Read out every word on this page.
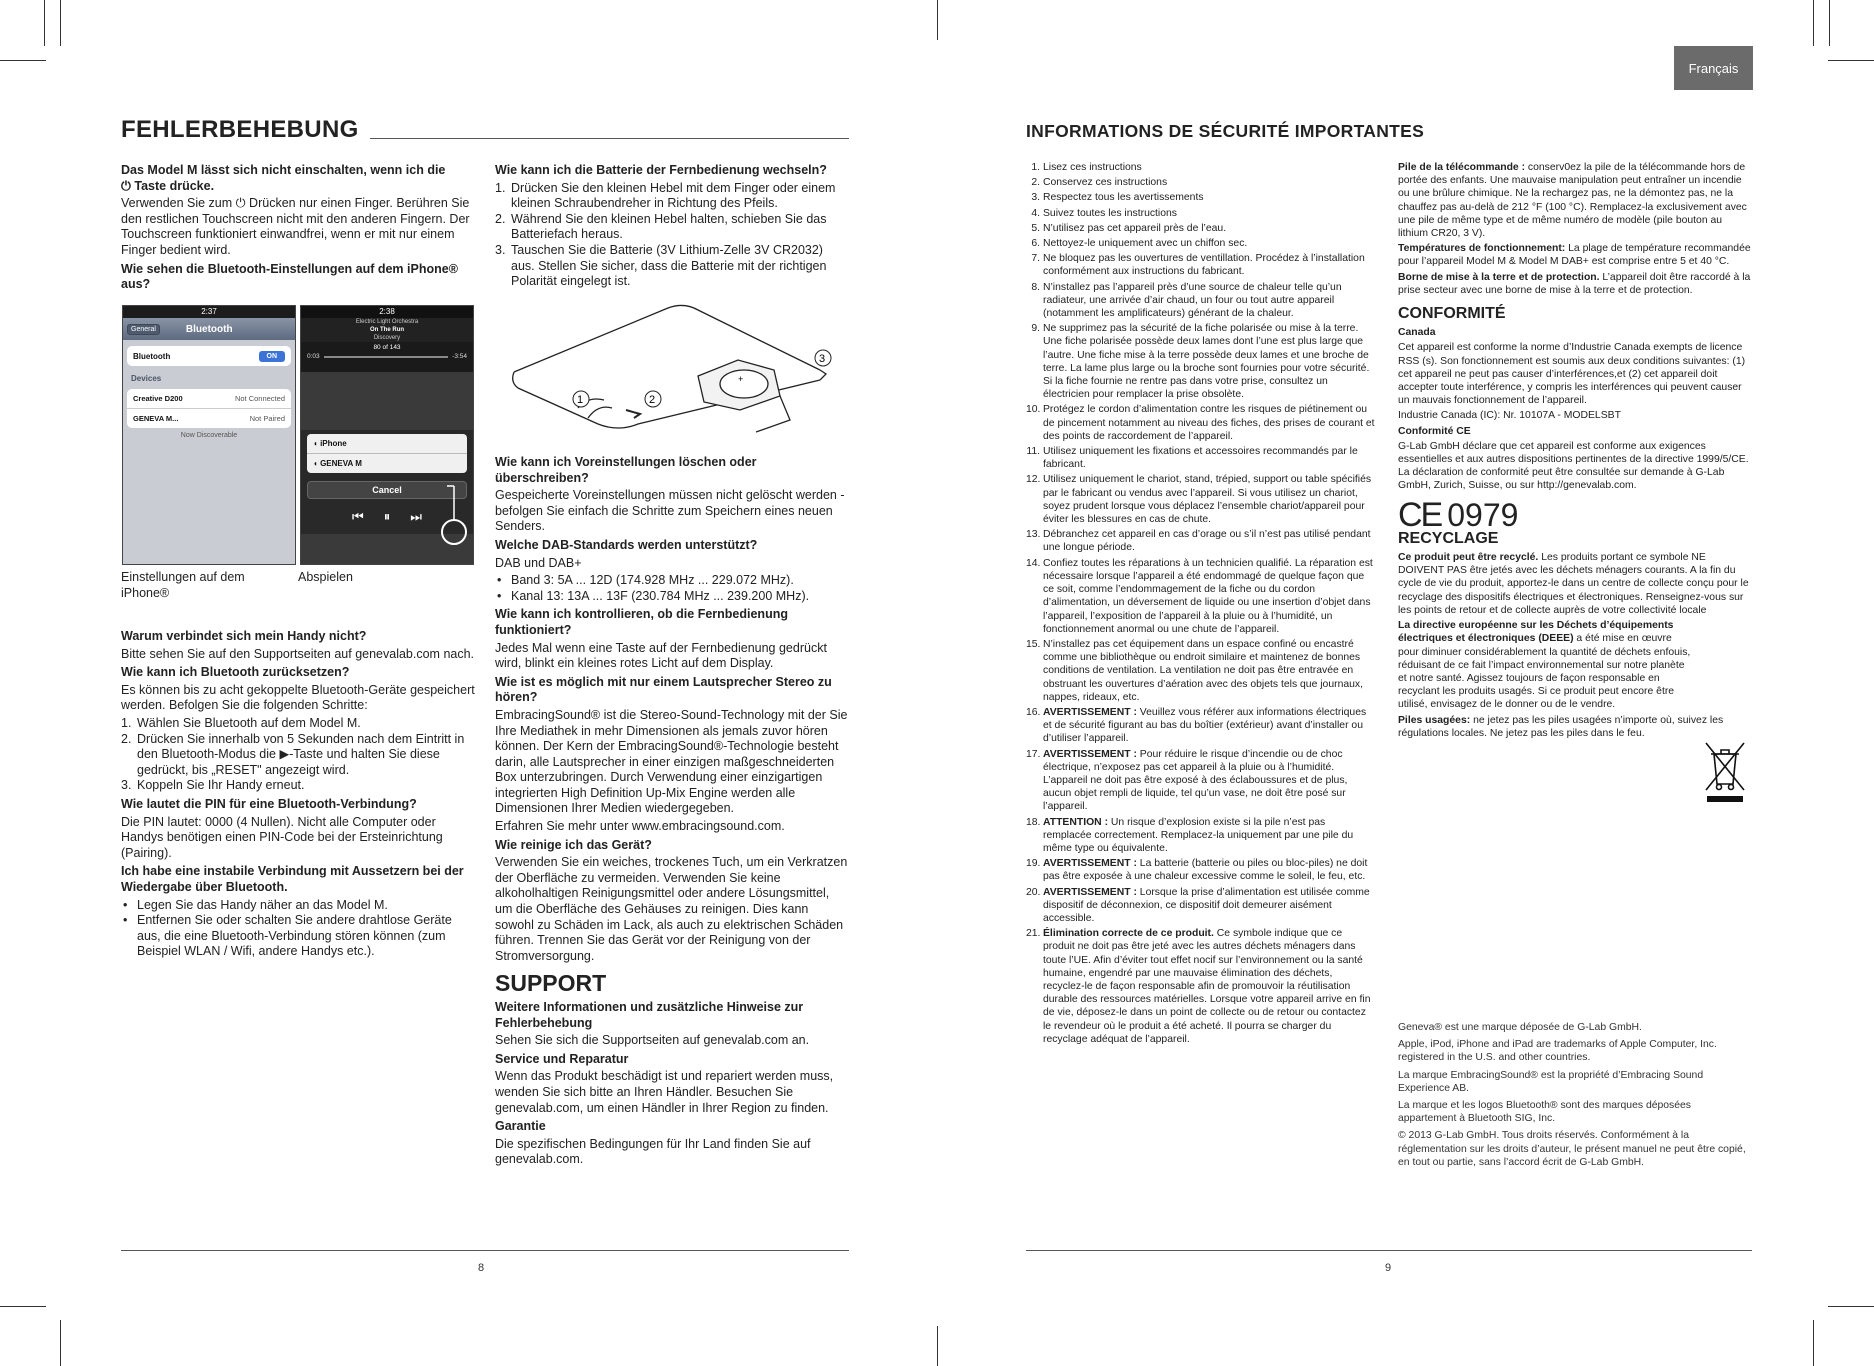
FEHLERBEHEBUNG

Das Model M lässt sich nicht einschalten, wenn ich die
⏻ Taste drücke.

Verwenden Sie zum ⏻ Drücken nur einen Finger. Berühren Sie den restlichen Touchscreen nicht mit den anderen Fingern. Der Touchscreen funktioniert einwandfrei, wenn er mit nur einem Finger bedient wird.

Wie sehen die Bluetooth-Einstellungen auf dem iPhone® aus?

2:37
General	Bluetooth
Bluetooth	ON
Devices
Creative D200	Not Connected
GENEVA M...	Not Paired
Now Discoverable
2:38
Electric Light Orchestra
On The Run
Discovery
80 of 143
0:03	-3:54
◖ iPhone
◖ GENEVA M
Cancel
⏮ ⏸ ⏭
Einstellungen auf dem iPhone®
Abspielen

Warum verbindet sich mein Handy nicht?

Bitte sehen Sie auf den Supportseiten auf genevalab.com nach.

Wie kann ich Bluetooth zurücksetzen?

Es können bis zu acht gekoppelte Bluetooth-Geräte gespeichert werden. Befolgen Sie die folgenden Schritte:

1. Wählen Sie Bluetooth auf dem Model M.
2. Drücken Sie innerhalb von 5 Sekunden nach dem Eintritt in den Bluetooth-Modus die ▶-Taste und halten Sie diese gedrückt, bis „RESET" angezeigt wird.
3. Koppeln Sie Ihr Handy erneut.

Wie lautet die PIN für eine Bluetooth-Verbindung?

Die PIN lautet: 0000 (4 Nullen). Nicht alle Computer oder Handys benötigen einen PIN-Code bei der Ersteinrichtung (Pairing).

Ich habe eine instabile Verbindung mit Aussetzern bei der Wiedergabe über Bluetooth.

• Legen Sie das Handy näher an das Model M.
• Entfernen Sie oder schalten Sie andere drahtlose Geräte aus, die eine Bluetooth-Verbindung stören können (zum Beispiel WLAN / Wifi, andere Handys etc.).

Wie kann ich die Batterie der Fernbedienung wechseln?

1. Drücken Sie den kleinen Hebel mit dem Finger oder einem kleinen Schraubendreher in Richtung des Pfeils.
2. Während Sie den kleinen Hebel halten, schieben Sie das Batteriefach heraus.
3. Tauschen Sie die Batterie (3V Lithium-Zelle 3V CR2032) aus. Stellen Sie sicher, dass die Batterie mit der richtigen Polarität eingelegt ist.
+
1	2
3

Wie kann ich Voreinstellungen löschen oder überschreiben?

Gespeicherte Voreinstellungen müssen nicht gelöscht werden - befolgen Sie einfach die Schritte zum Speichern eines neuen Senders.

Welche DAB-Standards werden unterstützt?

DAB und DAB+

• Band 3: 5A ... 12D (174.928 MHz ... 229.072 MHz).
• Kanal 13: 13A ... 13F (230.784 MHz ... 239.200 MHz).

Wie kann ich kontrollieren, ob die Fernbedienung funktioniert?

Jedes Mal wenn eine Taste auf der Fernbedienung gedrückt wird, blinkt ein kleines rotes Licht auf dem Display.

Wie ist es möglich mit nur einem Lautsprecher Stereo zu hören?

EmbracingSound® ist die Stereo-Sound-Technology mit der Sie Ihre Mediathek in mehr Dimensionen als jemals zuvor hören können. Der Kern der EmbracingSound®-Technologie besteht darin, alle Lautsprecher in einer einzigen maßgeschneiderten Box unterzubringen. Durch Verwendung einer einzigartigen integrierten High Definition Up-Mix Engine werden alle Dimensionen Ihrer Medien wiedergegeben.

Erfahren Sie mehr unter www.embracingsound.com.

Wie reinige ich das Gerät?

Verwenden Sie ein weiches, trockenes Tuch, um ein Verkratzen der Oberfläche zu vermeiden. Verwenden Sie keine alkoholhaltigen Reinigungsmittel oder andere Lösungsmittel, um die Oberfläche des Gehäuses zu reinigen. Dies kann sowohl zu Schäden im Lack, als auch zu elektrischen Schäden führen. Trennen Sie das Gerät vor der Reinigung von der Stromversorgung.

SUPPORT

Weitere Informationen und zusätzliche Hinweise zur Fehlerbehebung

Sehen Sie sich die Supportseiten auf genevalab.com an.

Service und Reparatur

Wenn das Produkt beschädigt ist und repariert werden muss, wenden Sie sich bitte an Ihren Händler. Besuchen Sie genevalab.com, um einen Händler in Ihrer Region zu finden.

Garantie

Die spezifischen Bedingungen für Ihr Land finden Sie auf genevalab.com.

8
Français
INFORMATIONS DE SÉCURITÉ IMPORTANTES
1. Lisez ces instructions
2. Conservez ces instructions
3. Respectez tous les avertissements
4. Suivez toutes les instructions
5. N’utilisez pas cet appareil près de l’eau.
6. Nettoyez-le uniquement avec un chiffon sec.
7. Ne bloquez pas les ouvertures de ventillation. Procédez à l’installation conformément aux instructions du fabricant.
8. N’installez pas l’appareil près d’une source de chaleur telle qu’un radiateur, une arrivée d’air chaud, un four ou tout autre appareil (notamment les amplificateurs) générant de la chaleur.
9. Ne supprimez pas la sécurité de la fiche polarisée ou mise à la terre. Une fiche polarisée possède deux lames dont l’une est plus large que l’autre. Une fiche mise à la terre possède deux lames et une broche de terre. La lame plus large ou la broche sont fournies pour votre sécurité. Si la fiche fournie ne rentre pas dans votre prise, consultez un électricien pour remplacer la prise obsolète.
10. Protégez le cordon d’alimentation contre les risques de piétinement ou de pincement notamment au niveau des fiches, des prises de courant et des points de raccordement de l’appareil.
11. Utilisez uniquement les fixations et accessoires recommandés par le fabricant.
12. Utilisez uniquement le chariot, stand, trépied, support ou table spécifiés par le fabricant ou vendus avec l’appareil. Si vous utilisez un chariot, soyez prudent lorsque vous déplacez l’ensemble chariot/appareil pour éviter les blessures en cas de chute.
13. Débranchez cet appareil en cas d’orage ou s’il n’est pas utilisé pendant une longue période.
14. Confiez toutes les réparations à un technicien qualifié. La réparation est nécessaire lorsque l’appareil a été endommagé de quelque façon que ce soit, comme l’endommagement de la fiche ou du cordon d’alimentation, un déversement de liquide ou une insertion d’objet dans l’appareil, l’exposition de l’appareil à la pluie ou à l’humidité, un fonctionnement anormal ou une chute de l’appareil.
15. N’installez pas cet équipement dans un espace confiné ou encastré comme une bibliothèque ou endroit similaire et maintenez de bonnes conditions de ventilation. La ventilation ne doit pas être entravée en obstruant les ouvertures d’aération avec des objets tels que journaux, nappes, rideaux, etc.
16. AVERTISSEMENT : Veuillez vous référer aux informations électriques et de sécurité figurant au bas du boîtier (extérieur) avant d’installer ou d’utiliser l’appareil.
17. AVERTISSEMENT : Pour réduire le risque d’incendie ou de choc électrique, n’exposez pas cet appareil à la pluie ou à l’humidité. L’appareil ne doit pas être exposé à des éclaboussures et de plus, aucun objet rempli de liquide, tel qu’un vase, ne doit être posé sur l’appareil.
18. ATTENTION : Un risque d’explosion existe si la pile n’est pas remplacée correctement. Remplacez-la uniquement par une pile du même type ou équivalente.
19. AVERTISSEMENT : La batterie (batterie ou piles ou bloc-piles) ne doit pas être exposée à une chaleur excessive comme le soleil, le feu, etc.
20. AVERTISSEMENT : Lorsque la prise d’alimentation est utilisée comme dispositif de déconnexion, ce dispositif doit demeurer aisément accessible.
21. Élimination correcte de ce produit. Ce symbole indique que ce produit ne doit pas être jeté avec les autres déchets ménagers dans toute l’UE. Afin d’éviter tout effet nocif sur l’environnement ou la santé humaine, engendré par une mauvaise élimination des déchets, recyclez-le de façon responsable afin de promouvoir la réutilisation durable des ressources matérielles. Lorsque votre appareil arrive en fin de vie, déposez-le dans un point de collecte ou de retour ou contactez le revendeur où le produit a été acheté. Il pourra se charger du recyclage adéquat de l’appareil.

Pile de la télécommande : conserv0ez la pile de la télécommande hors de portée des enfants. Une mauvaise manipulation peut entraîner un incendie ou une brûlure chimique. Ne la rechargez pas, ne la démontez pas, ne la chauffez pas au-delà de 212 °F (100 °C). Remplacez-la exclusivement avec une pile de même type et de même numéro de modèle (pile bouton au lithium CR20, 3 V).

Températures de fonctionnement: La plage de température recommandée pour l’appareil Model M & Model M DAB+ est comprise entre 5 et 40 °C.

Borne de mise à la terre et de protection. L’appareil doit être raccordé à la prise secteur avec une borne de mise à la terre et de protection.

CONFORMITÉ

Canada

Cet appareil est conforme la norme d’Industrie Canada exempts de licence RSS (s). Son fonctionnement est soumis aux deux conditions suivantes: (1) cet appareil ne peut pas causer d’interférences,et (2) cet appareil doit accepter toute interférence, y compris les interférences qui peuvent causer un mauvais fonctionnement de l’appareil.

Industrie Canada (IC): Nr. 10107A - MODELSBT

Conformité CE

G-Lab GmbH déclare que cet appareil est conforme aux exigences essentielles et aux autres dispositions pertinentes de la directive 1999/5/CE. La déclaration de conformité peut être consultée sur demande à G-Lab GmbH, Zurich, Suisse, ou sur http://genevalab.com.

CE 0979
RECYCLAGE

Ce produit peut être recyclé. Les produits portant ce symbole NE DOIVENT PAS être jetés avec les déchets ménagers courants. A la fin du cycle de vie du produit, apportez-le dans un centre de collecte conçu pour le recyclage des dispositifs électriques et électroniques. Renseignez-vous sur les points de retour et de collecte auprès de votre collectivité locale

La directive européenne sur les Déchets d’équipements électriques et électroniques (DEEE) a été mise en œuvre pour diminuer considérablement la quantité de déchets enfouis, réduisant de ce fait l’impact environnemental sur notre planète et notre santé. Agissez toujours de façon responsable en recyclant les produits usagés. Si ce produit peut encore être utilisé, envisagez de le donner ou de le vendre.

Piles usagées: ne jetez pas les piles usagées n’importe où, suivez les régulations locales. Ne jetez pas les piles dans le feu.

Geneva® est une marque déposée de G-Lab GmbH.

Apple, iPod, iPhone and iPad are trademarks of Apple Computer, Inc. registered in the U.S. and other countries.

La marque EmbracingSound® est la propriété d’Embracing Sound Experience AB.

La marque et les logos Bluetooth® sont des marques déposées appartement à Bluetooth SIG, Inc.

© 2013 G-Lab GmbH. Tous droits réservés. Conformément à la réglementation sur les droits d’auteur, le présent manuel ne peut être copié, en tout ou partie, sans l’accord écrit de G-Lab GmbH.

9
